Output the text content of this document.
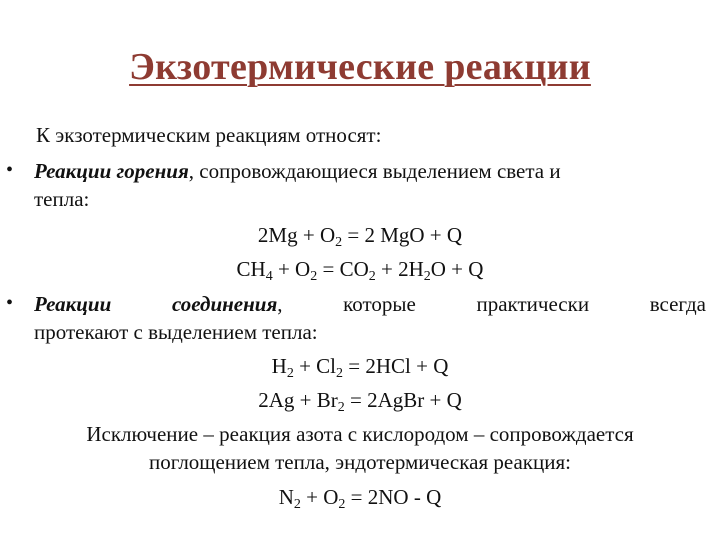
Экзотермические реакции
К экзотермическим реакциям относят:
• Реакции горения, сопровождающиеся выделением света и
тепла:
$2Mg + O_2 = 2$ MgO + Q
$CH_4 + O_2 = CO_2 + 2H_2O + Q$
• Реакции	соединения,	которые	практически	всегда
протекают с выделением тепла:
$H_2 + Cl_2 = 2HCl + Q$
$2Ag + Br_2$ = 2AgBr + Q
Исключение – реакция азота с кислородом – сопровождается
поглощением тепла, эндотермическая реакция:
$N_2 + O_2 = 2NO - Q$
